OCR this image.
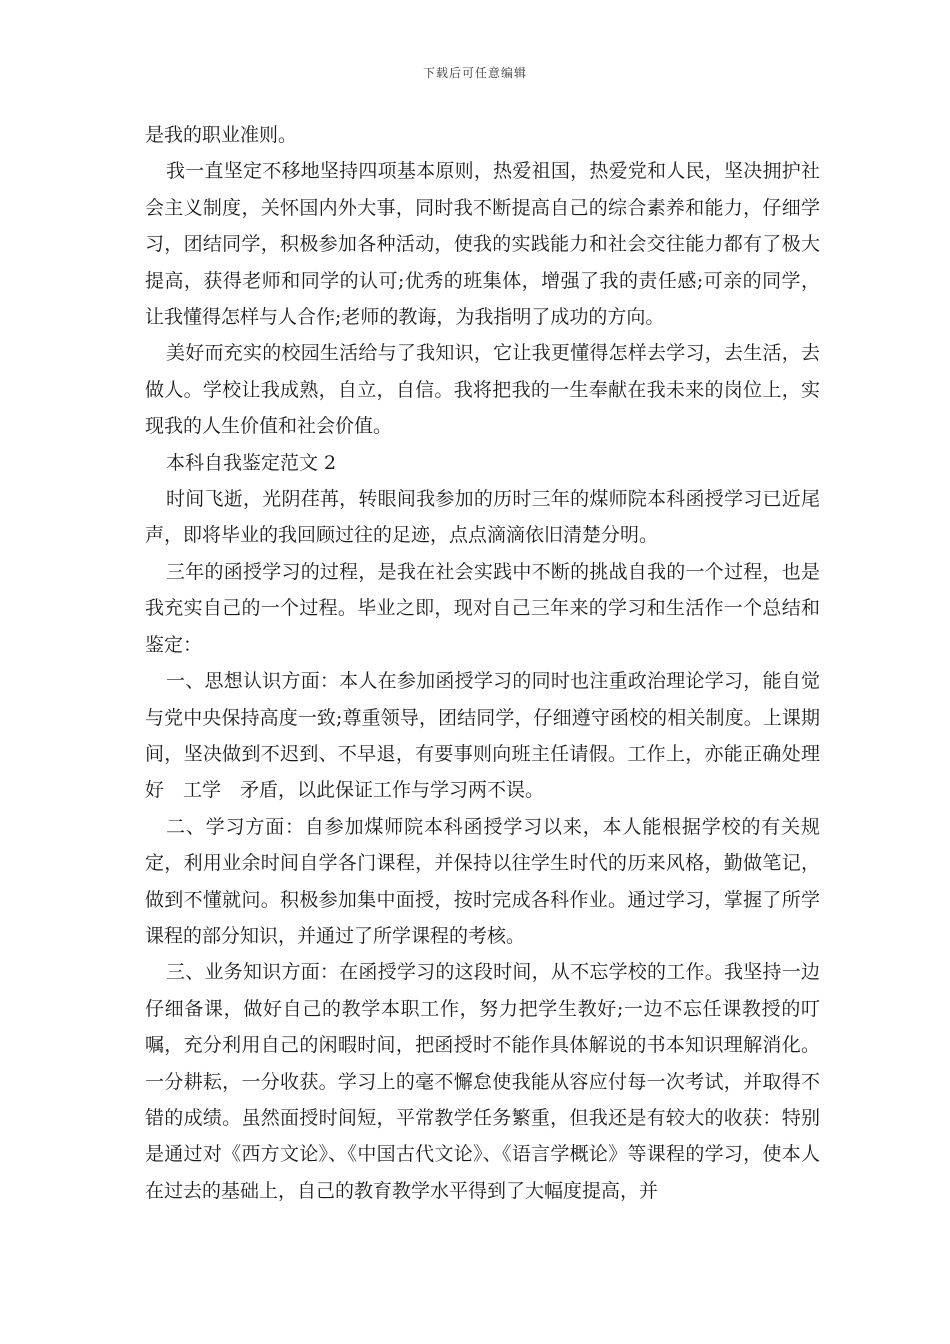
下载后可任意编辑

是我的职业准则。

我一直坚定不移地坚持四项基本原则，热爱祖国，热爱党和人民，坚决拥护社会主义制度，关怀国内外大事，同时我不断提高自己的综合素养和能力，仔细学习，团结同学，积极参加各种活动，使我的实践能力和社会交往能力都有了极大提高，获得老师和同学的认可;优秀的班集体，增强了我的责任感;可亲的同学，让我懂得怎样与人合作;老师的教诲，为我指明了成功的方向。

美好而充实的校园生活给与了我知识，它让我更懂得怎样去学习，去生活，去做人。学校让我成熟，自立，自信。我将把我的一生奉献在我未来的岗位上，实现我的人生价值和社会价值。

本科自我鉴定范文 2

时间飞逝，光阴荏苒，转眼间我参加的历时三年的煤师院本科函授学习已近尾声，即将毕业的我回顾过往的足迹，点点滴滴依旧清楚分明。

三年的函授学习的过程，是我在社会实践中不断的挑战自我的一个过程，也是我充实自己的一个过程。毕业之即，现对自己三年来的学习和生活作一个总结和鉴定：

一、思想认识方面：本人在参加函授学习的同时也注重政治理论学习，能自觉与党中央保持高度一致;尊重领导，团结同学，仔细遵守函校的相关制度。上课期间，坚决做到不迟到、不早退，有要事则向班主任请假。工作上，亦能正确处理好　工学　矛盾，以此保证工作与学习两不误。

二、学习方面：自参加煤师院本科函授学习以来，本人能根据学校的有关规定，利用业余时间自学各门课程，并保持以往学生时代的历来风格，勤做笔记，做到不懂就问。积极参加集中面授，按时完成各科作业。通过学习，掌握了所学课程的部分知识，并通过了所学课程的考核。

三、业务知识方面：在函授学习的这段时间，从不忘学校的工作。我坚持一边仔细备课，做好自己的教学本职工作，努力把学生教好;一边不忘任课教授的叮嘱，充分利用自己的闲暇时间，把函授时不能作具体解说的书本知识理解消化。一分耕耘，一分收获。学习上的毫不懈怠使我能从容应付每一次考试，并取得不错的成绩。虽然面授时间短，平常教学任务繁重，但我还是有较大的收获：特别是通过对《西方文论》、《中国古代文论》、《语言学概论》等课程的学习，使本人在过去的基础上，自己的教育教学水平得到了大幅度提高，并
